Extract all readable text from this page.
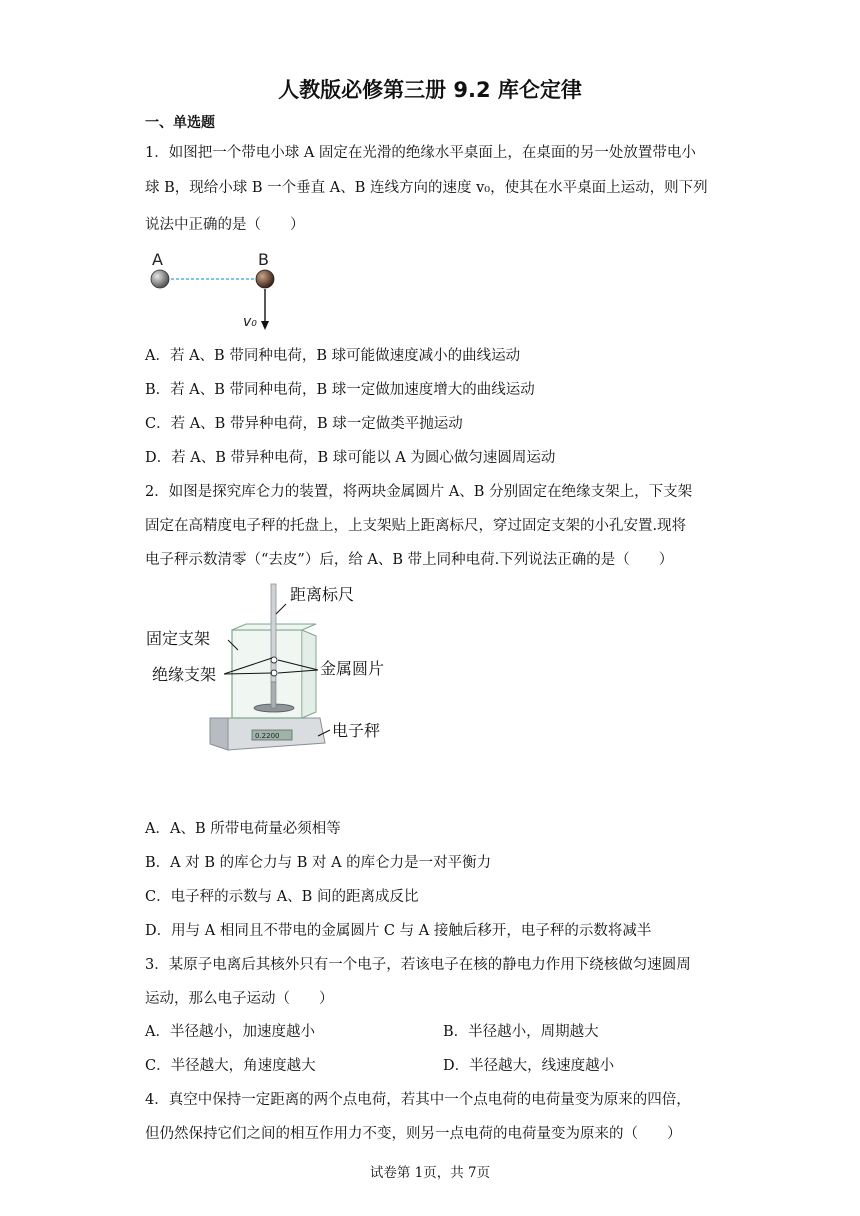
人教版必修第三册 9.2 库仑定律
一、单选题
1．如图把一个带电小球 A 固定在光滑的绝缘水平桌面上，在桌面的另一处放置带电小
球 B，现给小球 B 一个垂直 A、B 连线方向的速度 v₀，使其在水平桌面上运动，则下列
说法中正确的是（　　）
A	B
v₀
A．若 A、B 带同种电荷，B 球可能做速度减小的曲线运动
B．若 A、B 带同种电荷，B 球一定做加速度增大的曲线运动
C．若 A、B 带异种电荷，B 球一定做类平抛运动
D．若 A、B 带异种电荷，B 球可能以 A 为圆心做匀速圆周运动
2．如图是探究库仑力的装置，将两块金属圆片 A、B 分别固定在绝缘支架上，下支架
固定在高精度电子秤的托盘上，上支架贴上距离标尺，穿过固定支架的小孔安置.现将
电子秤示数清零（“去皮”）后，给 A、B 带上同种电荷.下列说法正确的是（　　）
0.2200
距离标尺
固定支架
绝缘支架	金属圆片
电子秤
A．A、B 所带电荷量必须相等
B．A 对 B 的库仑力与 B 对 A 的库仑力是一对平衡力
C．电子秤的示数与 A、B 间的距离成反比
D．用与 A 相同且不带电的金属圆片 C 与 A 接触后移开，电子秤的示数将减半
3．某原子电离后其核外只有一个电子，若该电子在核的静电力作用下绕核做匀速圆周
运动，那么电子运动（　　）
A．半径越小，加速度越小	B．半径越小，周期越大
C．半径越大，角速度越大	D．半径越大，线速度越小
4．真空中保持一定距离的两个点电荷，若其中一个点电荷的电荷量变为原来的四倍，
但仍然保持它们之间的相互作用力不变，则另一点电荷的电荷量变为原来的（　　）
试卷第 1页，共 7页
